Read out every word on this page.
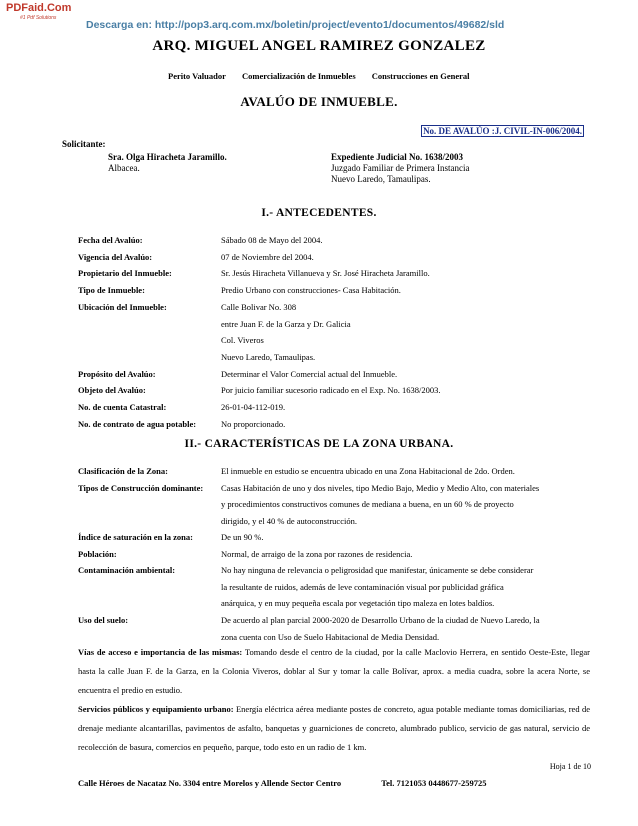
PDFaid.Com
#1 Pdf Solutions
Descarga en: http://pop3.arq.com.mx/boletin/project/evento1/documentos/49682/sld
ARQ. MIGUEL ANGEL RAMIREZ GONZALEZ
Perito Valuador Comercialización de Inmuebles Construcciones en General
AVALÚO DE INMUEBLE.
No. DE AVALÚO :J. CIVIL-IN-006/2004.
Solicitante:
Sra. Olga Hiracheta Jaramillo.
Albacea.
Expediente Judicial No. 1638/2003
Juzgado Familiar de Primera Instancia
Nuevo Laredo, Tamaulipas.
I.- ANTECEDENTES.
Fecha del Avalúo:	Sábado 08 de Mayo del 2004.
Vigencia del Avalúo:	07 de Noviembre del 2004.
Propietario del Inmueble:	Sr. Jesús Hiracheta Villanueva y Sr. José Hiracheta Jaramillo.
Tipo de Inmueble:	Predio Urbano con construcciones- Casa Habitación.
Ubicación del Inmueble:	Calle Bolivar No. 308
entre Juan F. de la Garza y Dr. Galicia
Col. Viveros
Nuevo Laredo, Tamaulipas.
Propósito del Avalúo:	Determinar el Valor Comercial actual del Inmueble.
Objeto del Avalúo:	Por juicio familiar sucesorio radicado en el Exp. No. 1638/2003.
No. de cuenta Catastral:	26-01-04-112-019.
No. de contrato de agua potable:	No proporcionado.
II.- CARACTERÍSTICAS DE LA ZONA URBANA.
Clasificación de la Zona:	El inmueble en estudio se encuentra ubicado en una Zona Habitacional de 2do. Orden.
Tipos de Construcción dominante: Casas Habitación de uno y dos niveles, tipo Medio Bajo, Medio y Medio Alto, con materiales
y procedimientos constructivos comunes de mediana a buena, en un 60 % de proyecto
dirigido, y el 40 % de autoconstrucción.
Índice de saturación en la zona:	De un 90 %.
Población:	Normal, de arraigo de la zona por razones de residencia.
Contaminación ambiental:	No hay ninguna de relevancia o peligrosidad que manifestar, únicamente se debe considerar
la resultante de ruidos, además de leve contaminación visual por publicidad gráfica
anárquica, y en muy pequeña escala por vegetación tipo maleza en lotes baldíos.
Uso del suelo:	De acuerdo al plan parcial 2000-2020 de Desarrollo Urbano de la ciudad de Nuevo Laredo, la
zona cuenta con Uso de Suelo Habitacional de Media Densidad.
Vías de acceso e importancia de las mismas: Tomando desde el centro de la ciudad, por la calle Maclovio Herrera, en sentido Oeste-Este, llegar hasta la calle Juan F. de la Garza, en la Colonia Viveros, doblar al Sur y tomar la calle Bolívar, aprox. a media cuadra, sobre la acera Norte, se encuentra el predio en estudio.
Servicios públicos y equipamiento urbano: Energía eléctrica aérea mediante postes de concreto, agua potable mediante tomas domiciliarias, red de drenaje mediante alcantarillas, pavimentos de asfalto, banquetas y guarniciones de concreto, alumbrado publico, servicio de gas natural, servicio de recolección de basura, comercios en pequeño, parque, todo esto en un radio de 1 km.
Hoja 1 de 10
Calle Héroes de Nacataz No. 3304 entre Morelos y Allende Sector Centro	Tel. 7121053 0448677-259725
